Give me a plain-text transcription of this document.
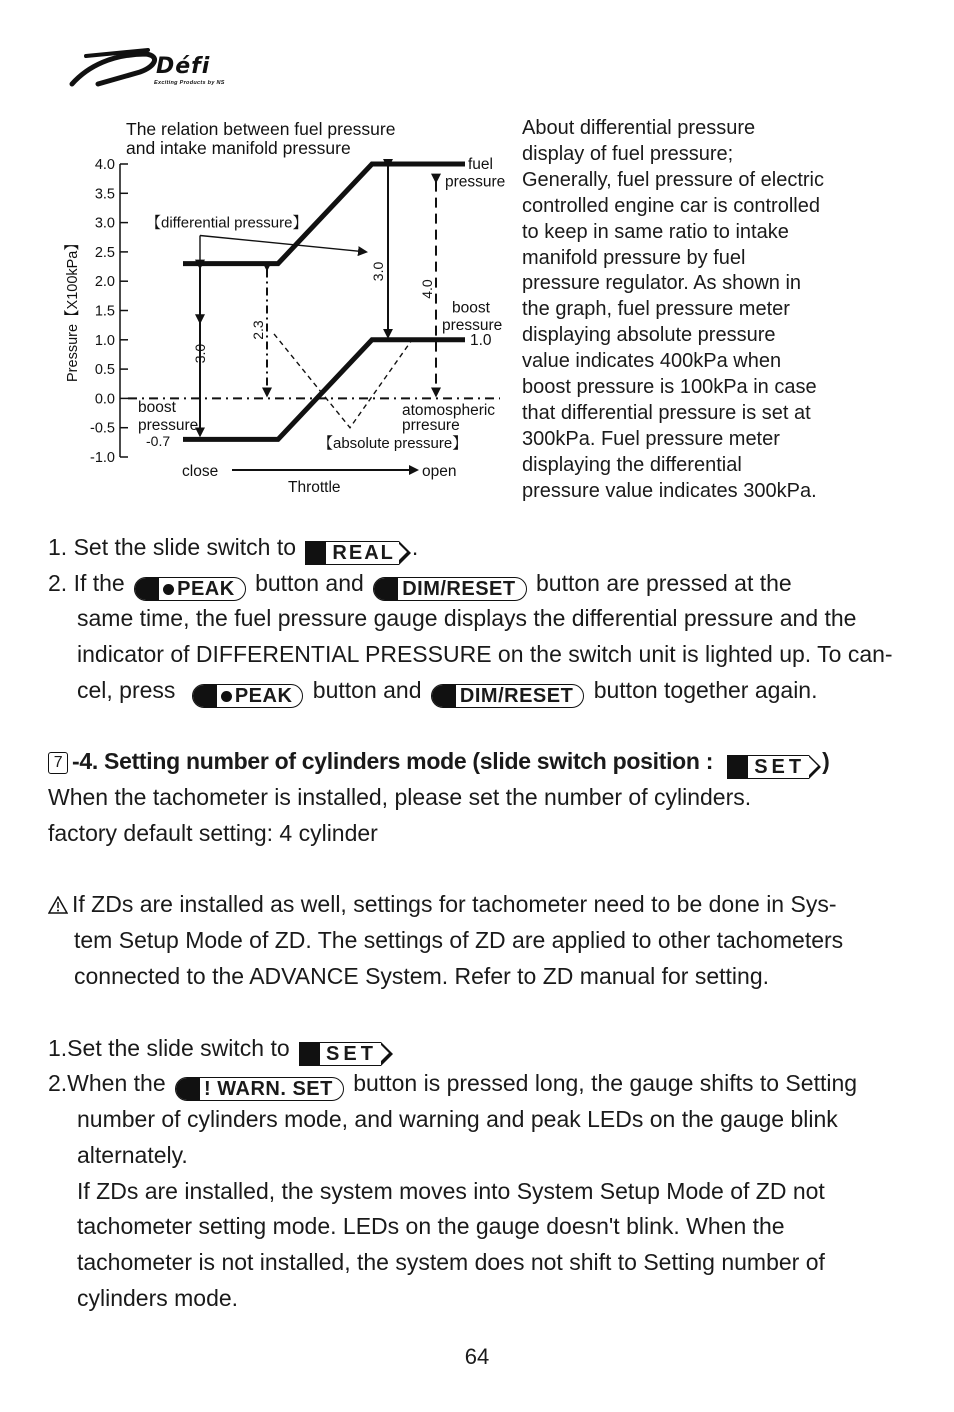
Défi
Exciting Products by NS
The relation between fuel pressure
and intake manifold pressure
4.0
3.5
3.0
2.5
2.0
1.5
1.0
0.5
0.0
-0.5
-1.0
Pressure【X100kPa】
close	open
Throttle
3.0
2.3
3.0
4.0
【differential pressure】
【absolute pressure】
fuel
pressure
boost
pressure
1.0
boost
pressure
-0.7
atomospheric
prresure
About differential pressure
display of fuel pressure;
Generally, fuel pressure of electric
controlled engine car is controlled
to keep in same ratio to intake
manifold pressure by fuel
pressure regulator. As shown in
the graph, fuel pressure meter
displaying absolute pressure
value indicates 400kPa when
boost pressure is 100kPa in case
that differential pressure is set at
300kPa. Fuel pressure meter
displaying the differential
pressure value indicates 300kPa.
1. Set the slide switch to REAL .
2. If the	PEAK button and DIM/RESET button are pressed at the
same time, the fuel pressure gauge displays the differential pressure and the
indicator of DIFFERENTIAL PRESSURE on the switch unit is lighted up. To can-
cel, press	PEAK button and DIM/RESET button together again.
7 -4. Setting number of cylinders mode (slide switch position : SET )
When the tachometer is installed, please set the number of cylinders.
factory default setting: 4 cylinder
If ZDs are installed as well, settings for tachometer need to be done in Sys-
tem Setup Mode of ZD. The settings of ZD are applied to other tachometers
connected to the ADVANCE System. Refer to ZD manual for setting.
1.Set the slide switch to SET
2.When the ! WARN. SET button is pressed long, the gauge shifts to Setting
number of cylinders mode, and warning and peak LEDs on the gauge blink
alternately.
If ZDs are installed, the system moves into System Setup Mode of ZD not
tachometer setting mode. LEDs on the gauge doesn't blink. When the
tachometer is not installed, the system does not shift to Setting number of
cylinders mode.
64
